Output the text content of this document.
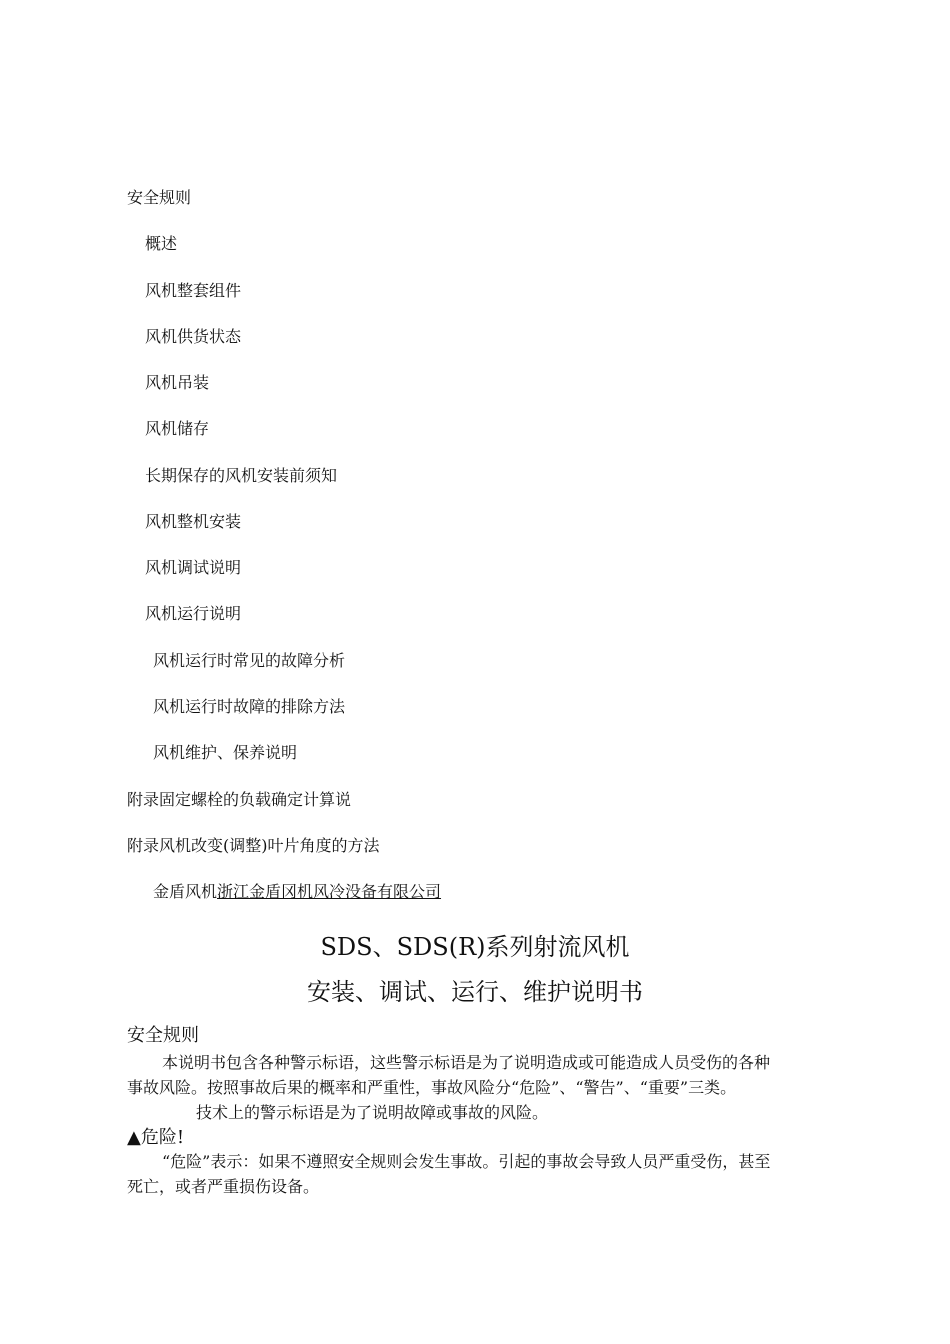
安全规则
概述
风机整套组件
风机供货状态
风机吊装
风机储存
长期保存的风机安装前须知
风机整机安装
风机调试说明
风机运行说明
风机运行时常见的故障分析
风机运行时故障的排除方法
风机维护、保养说明
附录固定螺栓的负载确定计算说
附录风机改变(调整)叶片角度的方法
金盾风机浙江金盾冈机风冷没备有限公司
SDS、SDS(R)系列射流风机
安装、调试、运行、维护说明书
安全规则
本说明书包含各种警示标语，这些警示标语是为了说明造成或可能造成人员受伤的各种
事故风险。按照事故后果的概率和严重性，事故风险分“危险”、“警告”、“重要”三类。
技术上的警示标语是为了说明故障或事故的风险。
▲危险!
“危险”表示：如果不遵照安全规则会发生事故。引起的事故会导致人员严重受伤，甚至
死亡，或者严重损伤设备。
